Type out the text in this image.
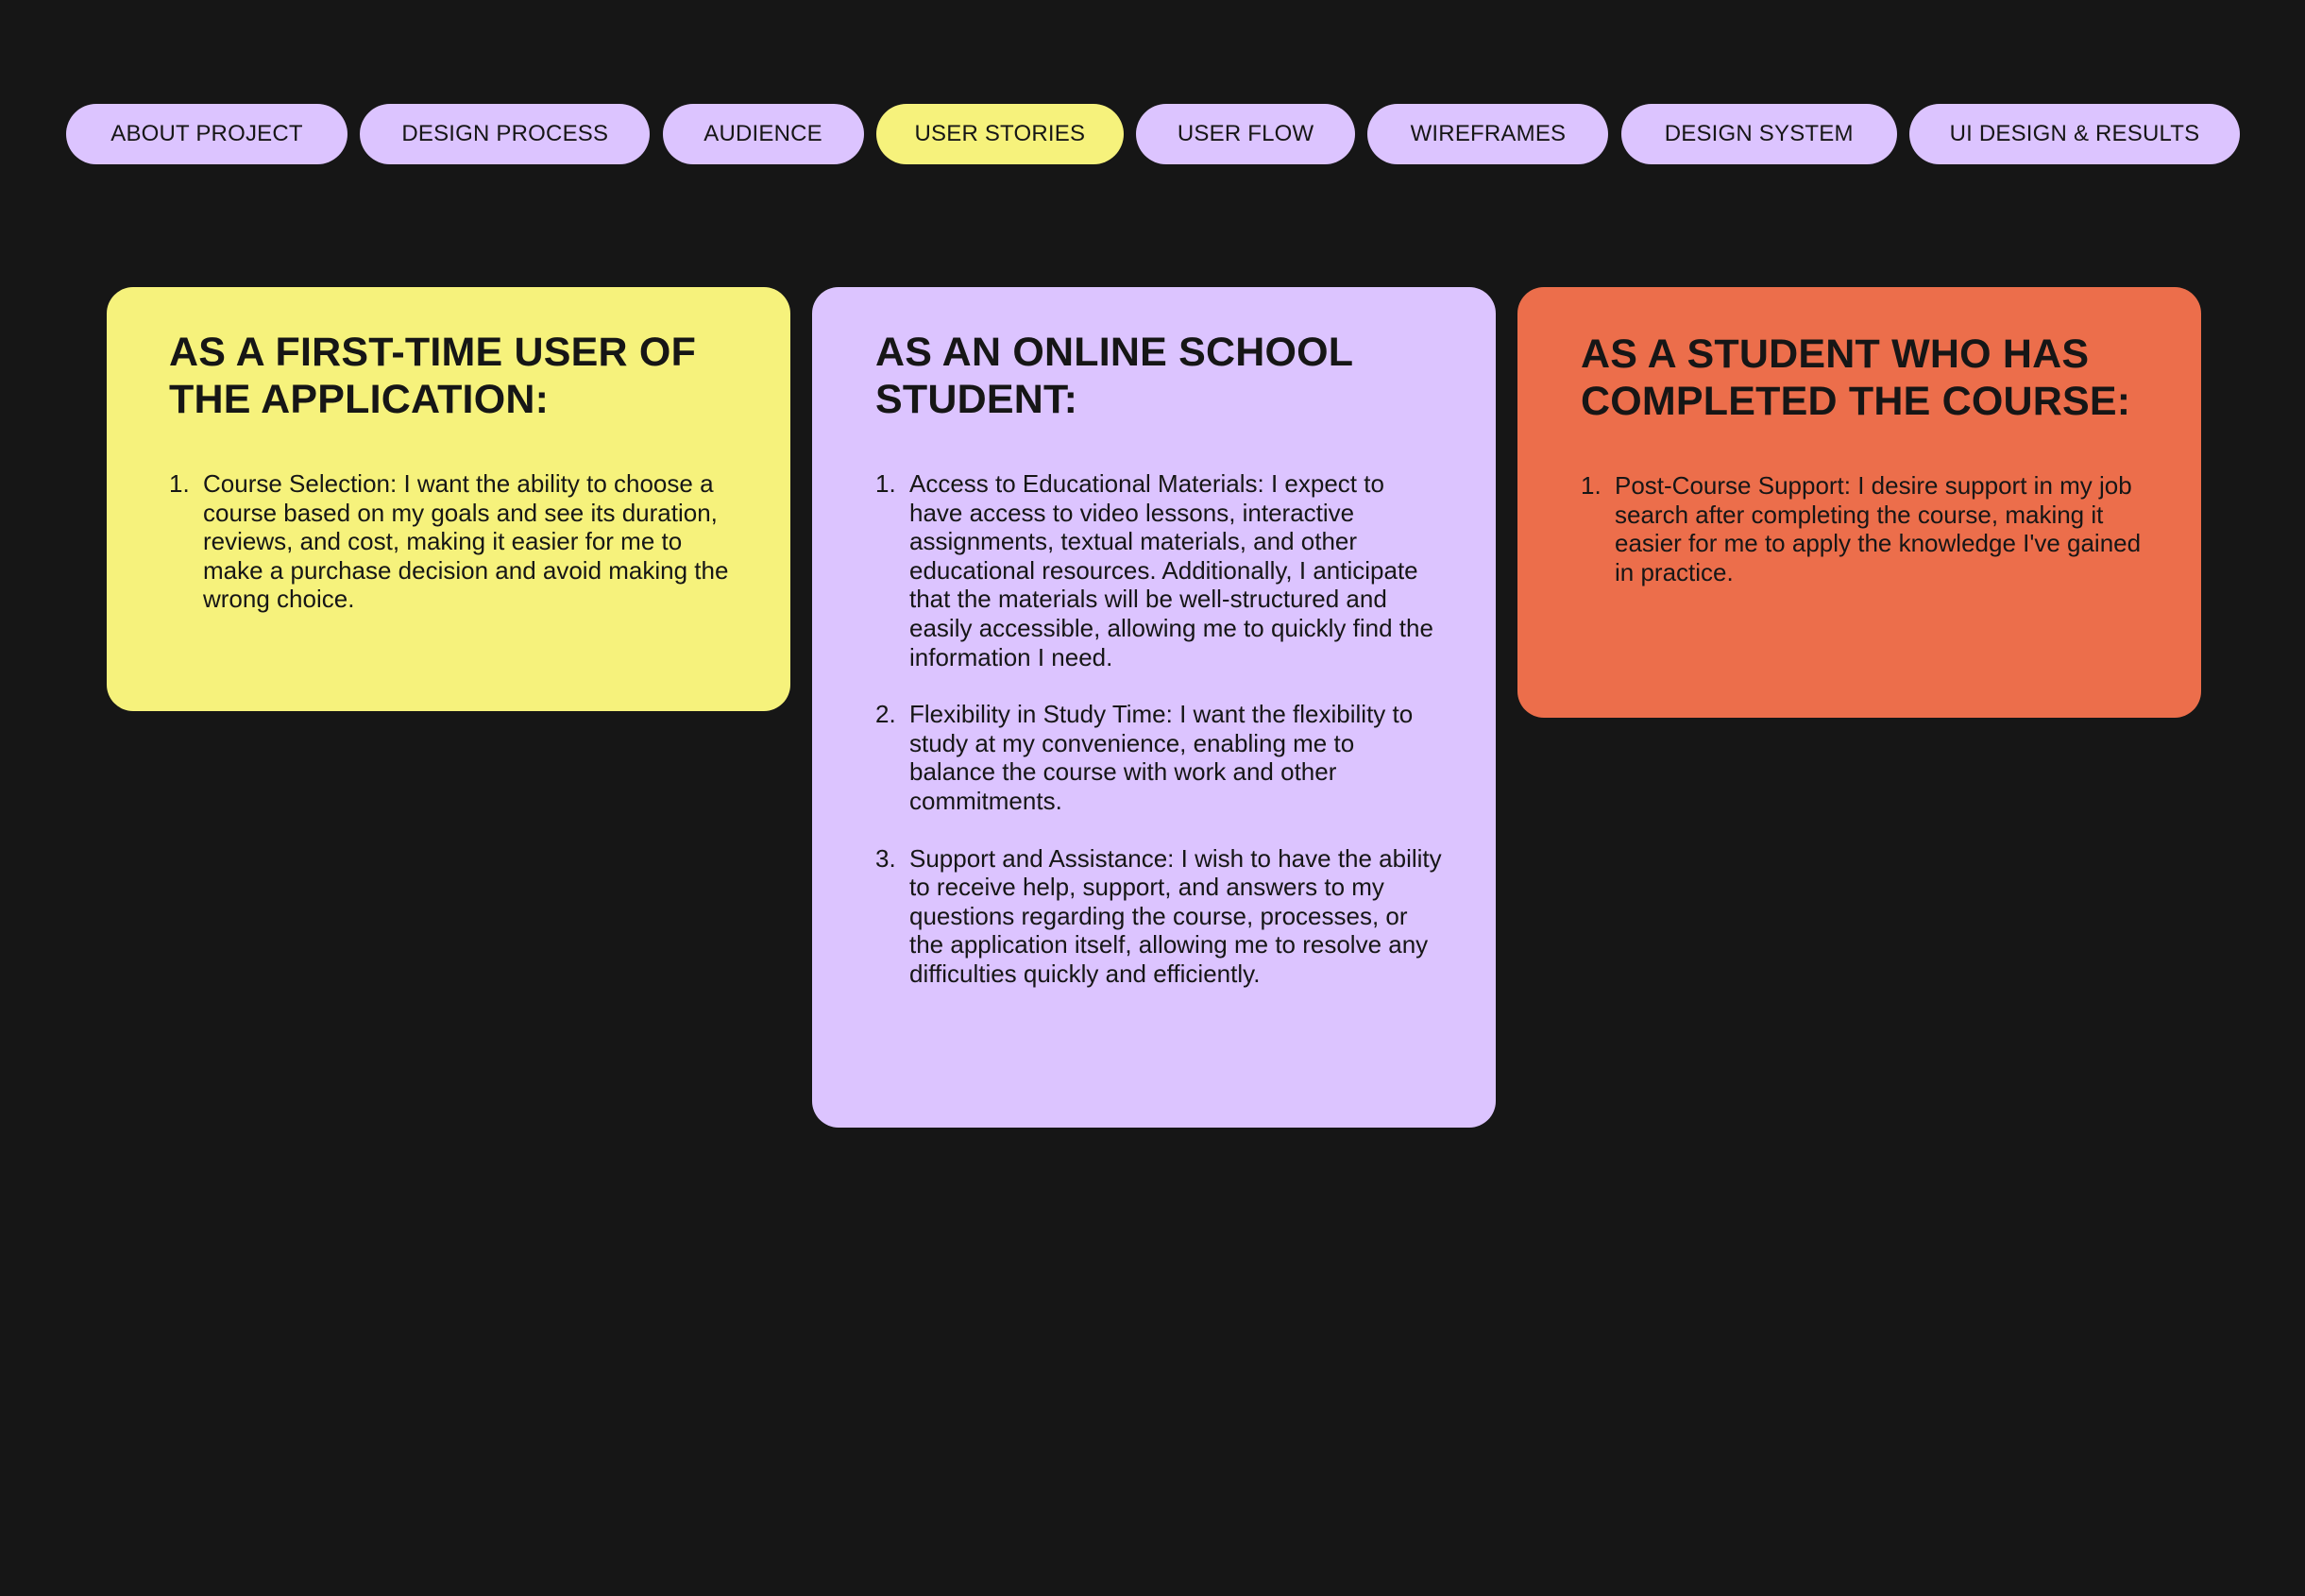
ABOUT PROJECT	DESIGN PROCESS	AUDIENCE	USER STORIES	USER FLOW	WIREFRAMES	DESIGN SYSTEM	UI DESIGN & RESULTS
AS A FIRST-TIME USER OF THE APPLICATION:
1. Course Selection: I want the ability to choose a course based on my goals and see its duration, reviews, and cost, making it easier for me to make a purchase decision and avoid making the wrong choice.
AS AN ONLINE SCHOOL STUDENT:
1. Access to Educational Materials: I expect to have access to video lessons, interactive assignments, textual materials, and other educational resources. Additionally, I anticipate that the materials will be well-structured and easily accessible, allowing me to quickly find the information I need.
2. Flexibility in Study Time: I want the flexibility to study at my convenience, enabling me to balance the course with work and other commitments.
3. Support and Assistance: I wish to have the ability to receive help, support, and answers to my questions regarding the course, processes, or the application itself, allowing me to resolve any difficulties quickly and efficiently.
AS A STUDENT WHO HAS COMPLETED THE COURSE:
1. Post-Course Support: I desire support in my job search after completing the course, making it easier for me to apply the knowledge I've gained in practice.
